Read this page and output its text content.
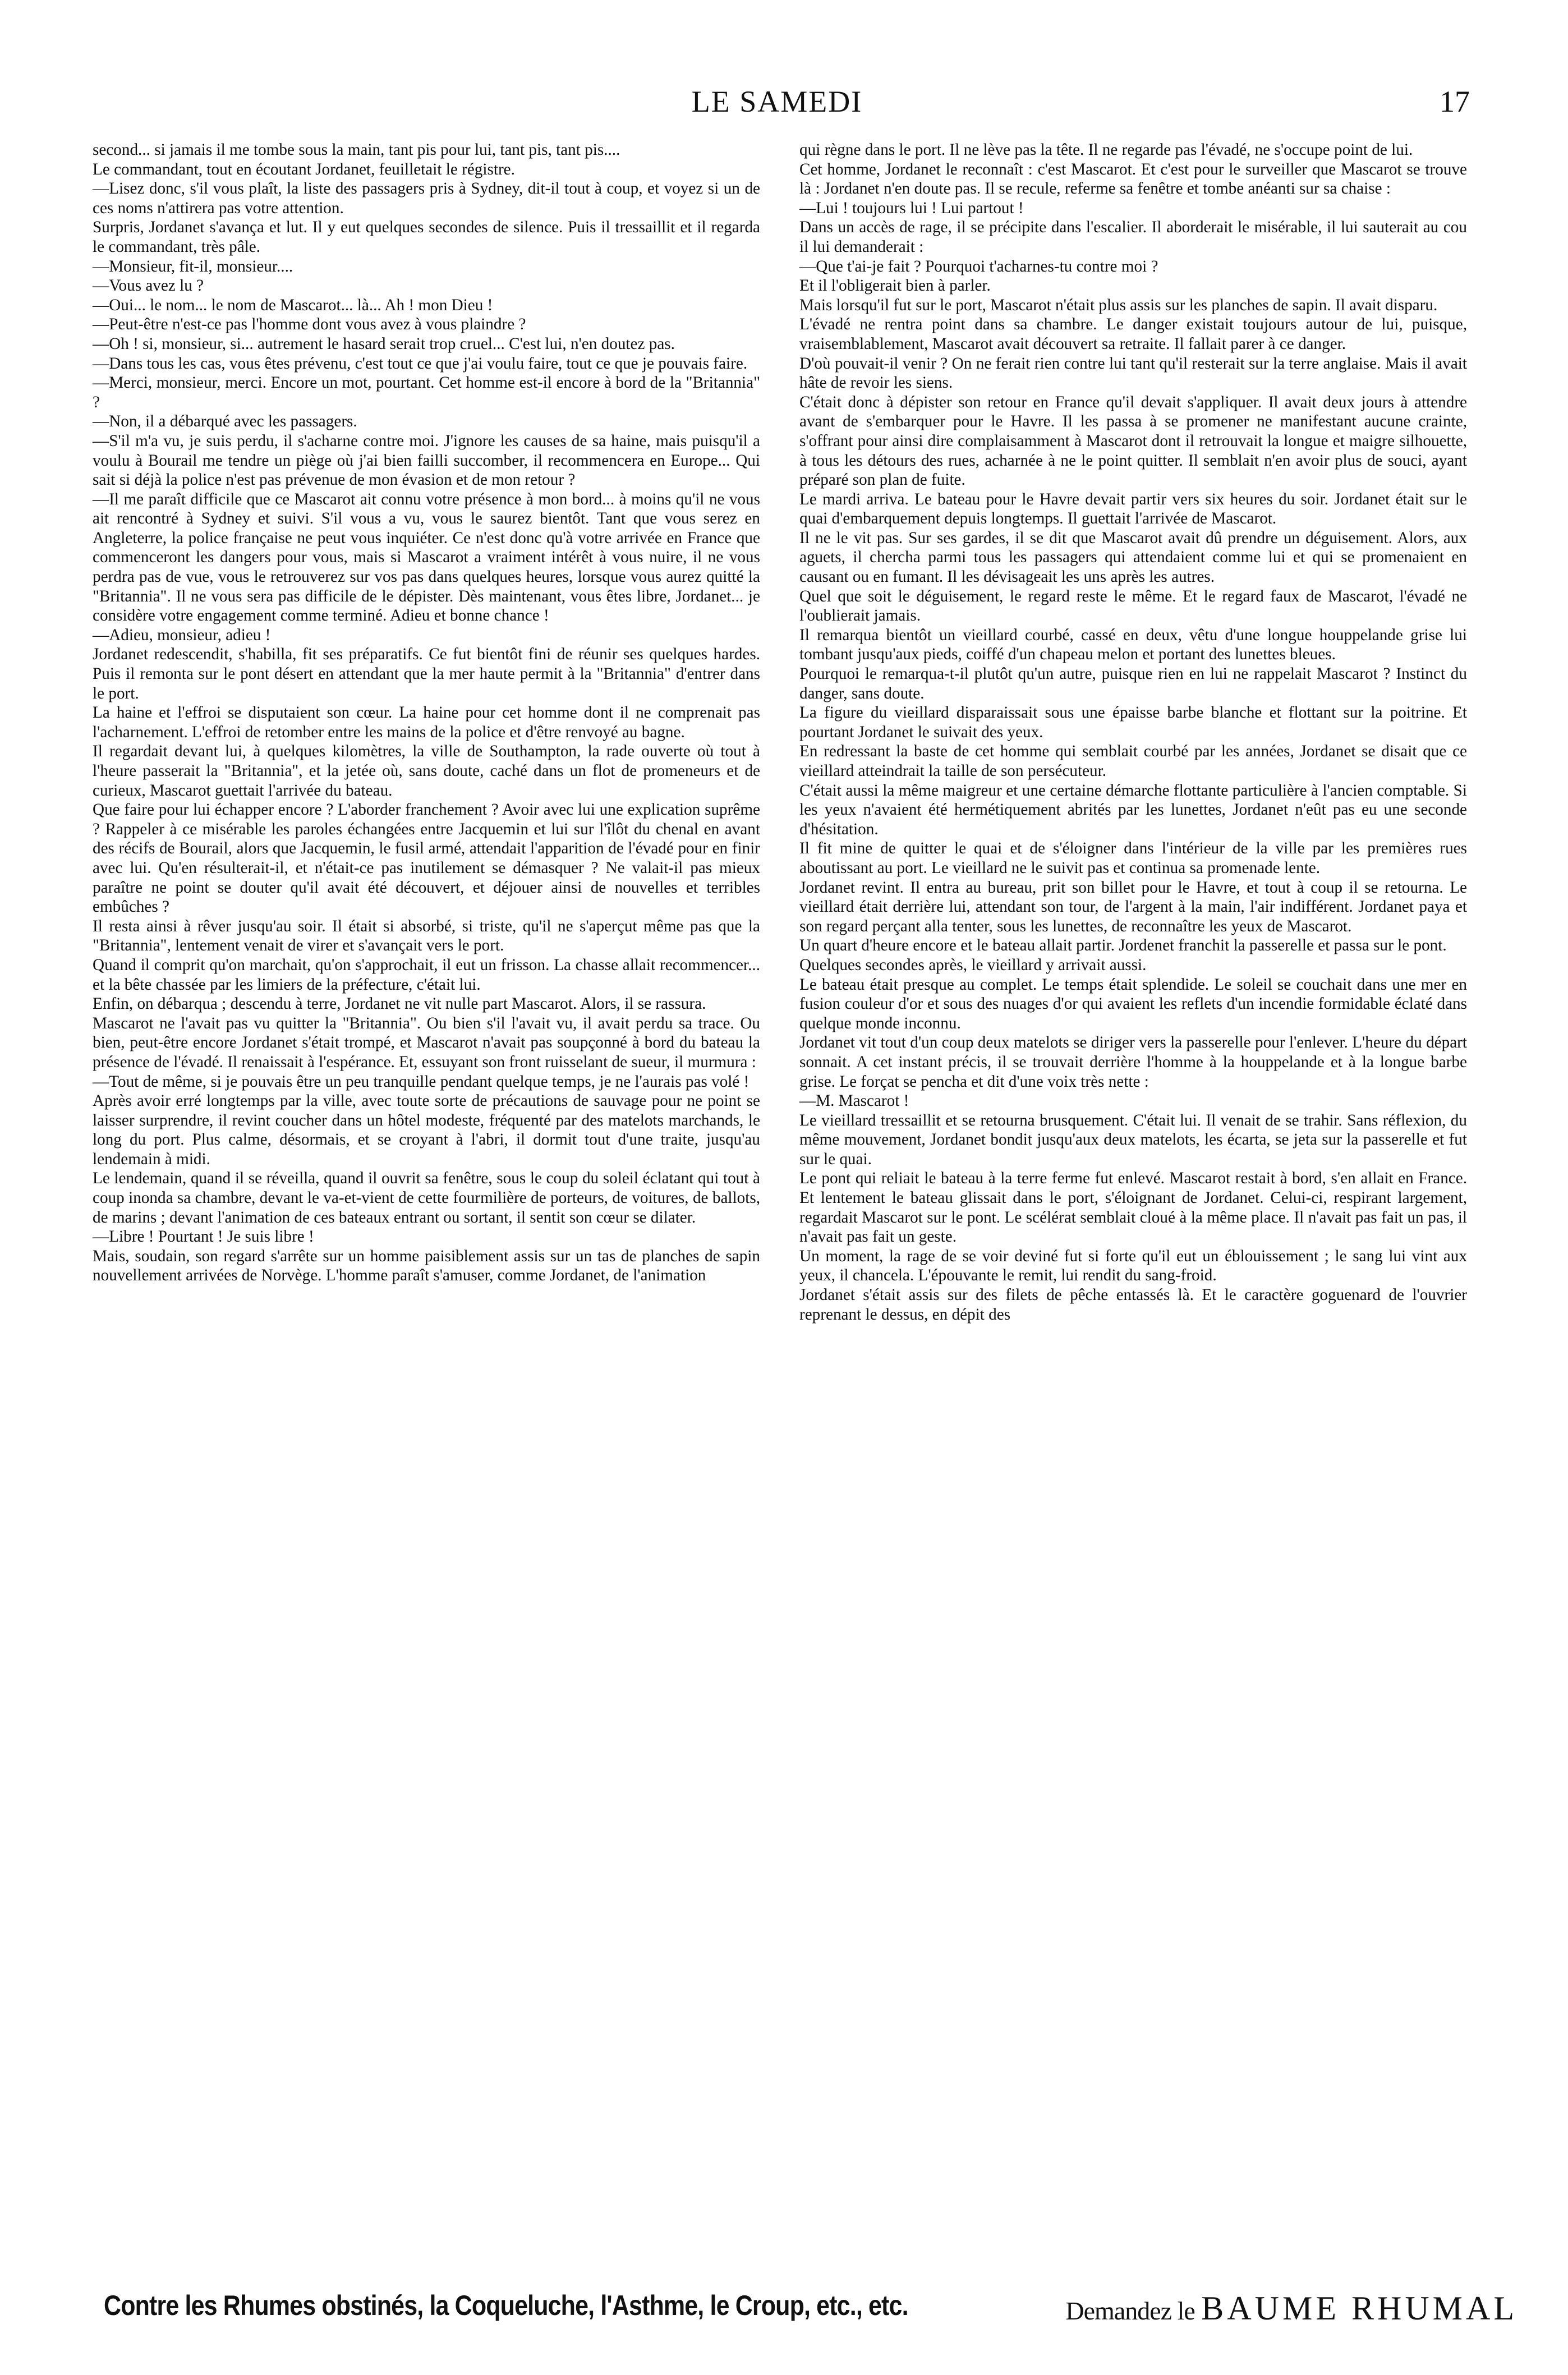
LE SAMEDI	17

second... si jamais il me tombe sous la main, tant pis pour lui, tant pis, tant pis....

Le commandant, tout en écoutant Jordanet, feuilletait le régistre.

—Lisez donc, s'il vous plaît, la liste des passagers pris à Sydney, dit-il tout à coup, et voyez si un de ces noms n'attirera pas votre attention.

Surpris, Jordanet s'avança et lut. Il y eut quelques secondes de silence. Puis il tressaillit et il regarda le commandant, très pâle.

—Monsieur, fit-il, monsieur....

—Vous avez lu ?

—Oui... le nom... le nom de Mascarot... là... Ah ! mon Dieu !

—Peut-être n'est-ce pas l'homme dont vous avez à vous plaindre ?

—Oh ! si, monsieur, si... autrement le hasard serait trop cruel... C'est lui, n'en doutez pas.

—Dans tous les cas, vous êtes prévenu, c'est tout ce que j'ai voulu faire, tout ce que je pouvais faire.

—Merci, monsieur, merci. Encore un mot, pourtant. Cet homme est-il encore à bord de la "Britannia" ?

—Non, il a débarqué avec les passagers.

—S'il m'a vu, je suis perdu, il s'acharne contre moi. J'ignore les causes de sa haine, mais puisqu'il a voulu à Bourail me tendre un piège où j'ai bien failli succomber, il recommencera en Europe... Qui sait si déjà la police n'est pas prévenue de mon évasion et de mon retour ?

—Il me paraît difficile que ce Mascarot ait connu votre présence à mon bord... à moins qu'il ne vous ait rencontré à Sydney et suivi. S'il vous a vu, vous le saurez bientôt. Tant que vous serez en Angleterre, la police française ne peut vous inquiéter. Ce n'est donc qu'à votre arrivée en France que commenceront les dangers pour vous, mais si Mascarot a vraiment intérêt à vous nuire, il ne vous perdra pas de vue, vous le retrouverez sur vos pas dans quelques heures, lorsque vous aurez quitté la "Britannia". Il ne vous sera pas difficile de le dépister. Dès maintenant, vous êtes libre, Jordanet... je considère votre engagement comme terminé. Adieu et bonne chance !

—Adieu, monsieur, adieu !

Jordanet redescendit, s'habilla, fit ses préparatifs. Ce fut bientôt fini de réunir ses quelques hardes. Puis il remonta sur le pont désert en attendant que la mer haute permit à la "Britannia" d'entrer dans le port.

La haine et l'effroi se disputaient son cœur. La haine pour cet homme dont il ne comprenait pas l'acharnement. L'effroi de retomber entre les mains de la police et d'être renvoyé au bagne.

Il regardait devant lui, à quelques kilomètres, la ville de Southampton, la rade ouverte où tout à l'heure passerait la "Britannia", et la jetée où, sans doute, caché dans un flot de promeneurs et de curieux, Mascarot guettait l'arrivée du bateau.

Que faire pour lui échapper encore ? L'aborder franchement ? Avoir avec lui une explication suprême ? Rappeler à ce misérable les paroles échangées entre Jacquemin et lui sur l'îlôt du chenal en avant des récifs de Bourail, alors que Jacquemin, le fusil armé, attendait l'apparition de l'évadé pour en finir avec lui. Qu'en résulterait-il, et n'était-ce pas inutilement se démasquer ? Ne valait-il pas mieux paraître ne point se douter qu'il avait été découvert, et déjouer ainsi de nouvelles et terribles embûches ?

Il resta ainsi à rêver jusqu'au soir. Il était si absorbé, si triste, qu'il ne s'aperçut même pas que la "Britannia", lentement venait de virer et s'avançait vers le port.

Quand il comprit qu'on marchait, qu'on s'approchait, il eut un frisson. La chasse allait recommencer... et la bête chassée par les limiers de la préfecture, c'était lui.

Enfin, on débarqua ; descendu à terre, Jordanet ne vit nulle part Mascarot. Alors, il se rassura.

Mascarot ne l'avait pas vu quitter la "Britannia". Ou bien s'il l'avait vu, il avait perdu sa trace. Ou bien, peut-être encore Jordanet s'était trompé, et Mascarot n'avait pas soupçonné à bord du bateau la présence de l'évadé. Il renaissait à l'espérance. Et, essuyant son front ruisselant de sueur, il murmura :

—Tout de même, si je pouvais être un peu tranquille pendant quelque temps, je ne l'aurais pas volé !

Après avoir erré longtemps par la ville, avec toute sorte de précautions de sauvage pour ne point se laisser surprendre, il revint coucher dans un hôtel modeste, fréquenté par des matelots marchands, le long du port. Plus calme, désormais, et se croyant à l'abri, il dormit tout d'une traite, jusqu'au lendemain à midi.

Le lendemain, quand il se réveilla, quand il ouvrit sa fenêtre, sous le coup du soleil éclatant qui tout à coup inonda sa chambre, devant le va-et-vient de cette fourmilière de porteurs, de voitures, de ballots, de marins ; devant l'animation de ces bateaux entrant ou sortant, il sentit son cœur se dilater.

—Libre ! Pourtant ! Je suis libre !

Mais, soudain, son regard s'arrête sur un homme paisiblement assis sur un tas de planches de sapin nouvellement arrivées de Norvège. L'homme paraît s'amuser, comme Jordanet, de l'animation

qui règne dans le port. Il ne lève pas la tête. Il ne regarde pas l'évadé, ne s'occupe point de lui.

Cet homme, Jordanet le reconnaît : c'est Mascarot. Et c'est pour le surveiller que Mascarot se trouve là : Jordanet n'en doute pas. Il se recule, referme sa fenêtre et tombe anéanti sur sa chaise :

—Lui ! toujours lui ! Lui partout !

Dans un accès de rage, il se précipite dans l'escalier. Il aborderait le misérable, il lui sauterait au cou il lui demanderait :

—Que t'ai-je fait ? Pourquoi t'acharnes-tu contre moi ?

Et il l'obligerait bien à parler.

Mais lorsqu'il fut sur le port, Mascarot n'était plus assis sur les planches de sapin. Il avait disparu.

L'évadé ne rentra point dans sa chambre. Le danger existait toujours autour de lui, puisque, vraisemblablement, Mascarot avait découvert sa retraite. Il fallait parer à ce danger.

D'où pouvait-il venir ? On ne ferait rien contre lui tant qu'il resterait sur la terre anglaise. Mais il avait hâte de revoir les siens.

C'était donc à dépister son retour en France qu'il devait s'appliquer. Il avait deux jours à attendre avant de s'embarquer pour le Havre. Il les passa à se promener ne manifestant aucune crainte, s'offrant pour ainsi dire complaisamment à Mascarot dont il retrouvait la longue et maigre silhouette, à tous les détours des rues, acharnée à ne le point quitter. Il semblait n'en avoir plus de souci, ayant préparé son plan de fuite.

Le mardi arriva. Le bateau pour le Havre devait partir vers six heures du soir. Jordanet était sur le quai d'embarquement depuis longtemps. Il guettait l'arrivée de Mascarot.

Il ne le vit pas. Sur ses gardes, il se dit que Mascarot avait dû prendre un déguisement. Alors, aux aguets, il chercha parmi tous les passagers qui attendaient comme lui et qui se promenaient en causant ou en fumant. Il les dévisageait les uns après les autres.

Quel que soit le déguisement, le regard reste le même. Et le regard faux de Mascarot, l'évadé ne l'oublierait jamais.

Il remarqua bientôt un vieillard courbé, cassé en deux, vêtu d'une longue houppelande grise lui tombant jusqu'aux pieds, coiffé d'un chapeau melon et portant des lunettes bleues.

Pourquoi le remarqua-t-il plutôt qu'un autre, puisque rien en lui ne rappelait Mascarot ? Instinct du danger, sans doute.

La figure du vieillard disparaissait sous une épaisse barbe blanche et flottant sur la poitrine. Et pourtant Jordanet le suivait des yeux.

En redressant la baste de cet homme qui semblait courbé par les années, Jordanet se disait que ce vieillard atteindrait la taille de son persécuteur.

C'était aussi la même maigreur et une certaine démarche flottante particulière à l'ancien comptable. Si les yeux n'avaient été hermétiquement abrités par les lunettes, Jordanet n'eût pas eu une seconde d'hésitation.

Il fit mine de quitter le quai et de s'éloigner dans l'intérieur de la ville par les premières rues aboutissant au port. Le vieillard ne le suivit pas et continua sa promenade lente.

Jordanet revint. Il entra au bureau, prit son billet pour le Havre, et tout à coup il se retourna. Le vieillard était derrière lui, attendant son tour, de l'argent à la main, l'air indifférent. Jordanet paya et son regard perçant alla tenter, sous les lunettes, de reconnaître les yeux de Mascarot.

Un quart d'heure encore et le bateau allait partir. Jordenet franchit la passerelle et passa sur le pont.

Quelques secondes après, le vieillard y arrivait aussi.

Le bateau était presque au complet. Le temps était splendide. Le soleil se couchait dans une mer en fusion couleur d'or et sous des nuages d'or qui avaient les reflets d'un incendie formidable éclaté dans quelque monde inconnu.

Jordanet vit tout d'un coup deux matelots se diriger vers la passerelle pour l'enlever. L'heure du départ sonnait. A cet instant précis, il se trouvait derrière l'homme à la houppelande et à la longue barbe grise. Le forçat se pencha et dit d'une voix très nette :

—M. Mascarot !

Le vieillard tressaillit et se retourna brusquement. C'était lui. Il venait de se trahir. Sans réflexion, du même mouvement, Jordanet bondit jusqu'aux deux matelots, les écarta, se jeta sur la passerelle et fut sur le quai.

Le pont qui reliait le bateau à la terre ferme fut enlevé. Mascarot restait à bord, s'en allait en France. Et lentement le bateau glissait dans le port, s'éloignant de Jordanet. Celui-ci, respirant largement, regardait Mascarot sur le pont. Le scélérat semblait cloué à la même place. Il n'avait pas fait un pas, il n'avait pas fait un geste.

Un moment, la rage de se voir deviné fut si forte qu'il eut un éblouissement ; le sang lui vint aux yeux, il chancela. L'épouvante le remit, lui rendit du sang-froid.

Jordanet s'était assis sur des filets de pêche entassés là. Et le caractère goguenard de l'ouvrier reprenant le dessus, en dépit des

Contre les Rhumes obstinés, la Coqueluche, l'Asthme, le Croup, etc., etc.	Demandez le BAUME RHUMAL
